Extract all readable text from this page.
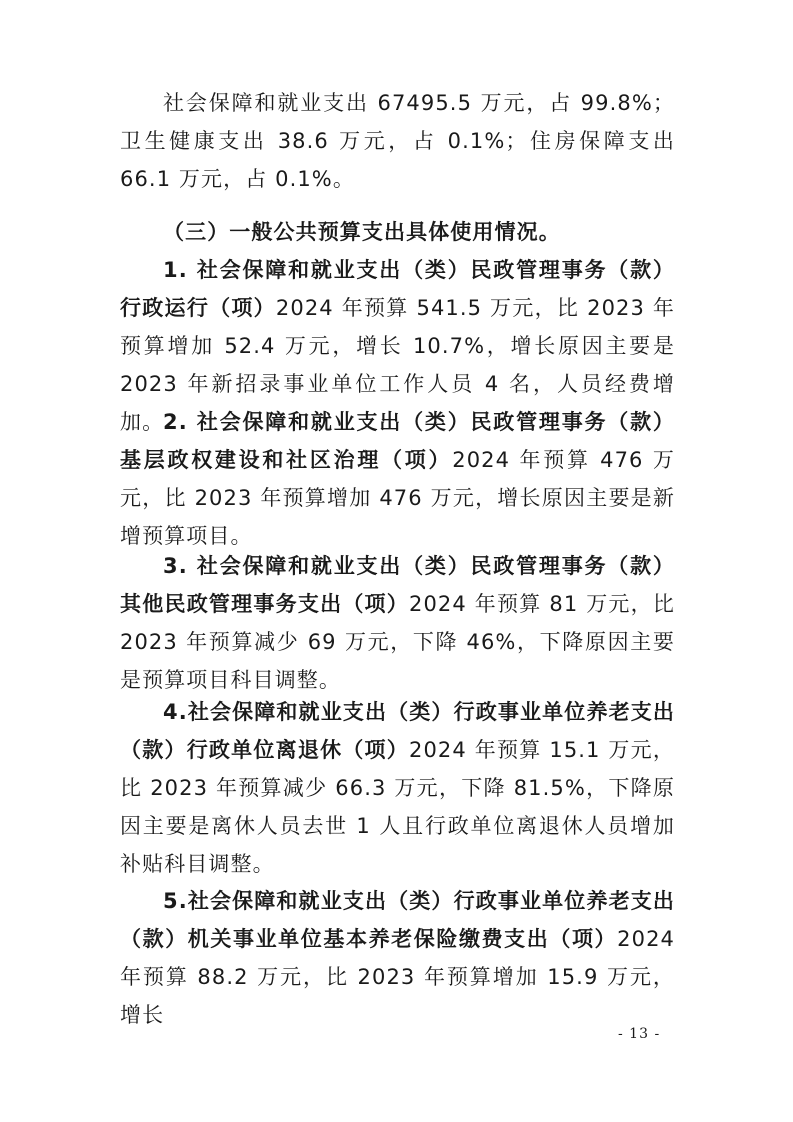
社会保障和就业支出 67495.5 万元，占 99.8%；卫生健康支出 38.6 万元，占 0.1%；住房保障支出 66.1 万元，占 0.1%。

（三）一般公共预算支出具体使用情况。

1. 社会保障和就业支出（类）民政管理事务（款）行政运行（项）2024 年预算 541.5 万元，比 2023 年预算增加 52.4 万元，增长 10.7%，增长原因主要是 2023 年新招录事业单位工作人员 4 名，人员经费增加。

2. 社会保障和就业支出（类）民政管理事务（款）基层政权建设和社区治理（项）2024 年预算 476 万元，比 2023 年预算增加 476 万元，增长原因主要是新增预算项目。

3. 社会保障和就业支出（类）民政管理事务（款）其他民政管理事务支出（项）2024 年预算 81 万元，比 2023 年预算减少 69 万元，下降 46%，下降原因主要是预算项目科目调整。

4.社会保障和就业支出（类）行政事业单位养老支出（款）行政单位离退休（项）2024 年预算 15.1 万元，比 2023 年预算减少 66.3 万元，下降 81.5%，下降原因主要是离休人员去世 1 人且行政单位离退休人员增加补贴科目调整。

5.社会保障和就业支出（类）行政事业单位养老支出（款）机关事业单位基本养老保险缴费支出（项）2024 年预算 88.2 万元，比 2023 年预算增加 15.9 万元，增长

- 13 -
